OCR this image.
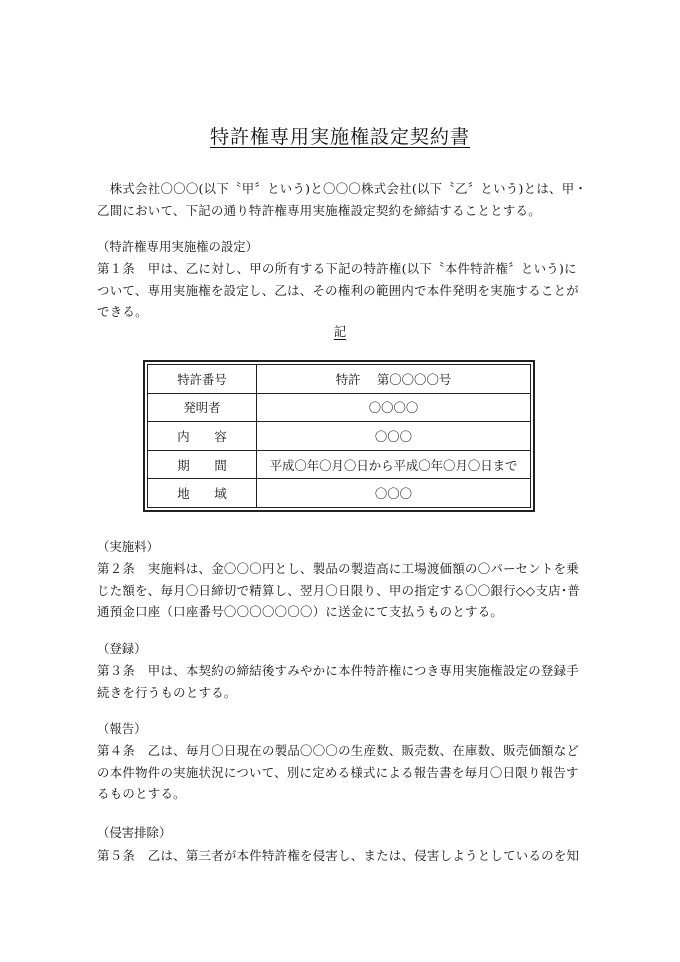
特許権専用実施権設定契約書
　株式会社〇〇〇(以下〝甲〞という)と〇〇〇株式会社(以下〝乙〞という)とは、甲・
乙間において、下記の通り特許権専用実施権設定契約を締結することとする。
（特許権専用実施権の設定）
第１条　甲は、乙に対し、甲の所有する下記の特許権(以下〝本件特許権〞という)に
ついて、専用実施権を設定し、乙は、その権利の範囲内で本件発明を実施することが
できる。
記
特許番号	特許　 第〇〇〇〇号
発明者	〇〇〇〇
内　　容	〇〇〇
期　　間	平成〇年〇月〇日から平成〇年〇月〇日まで
地　　域	〇〇〇
（実施料）
第２条　実施料は、金〇〇〇円とし、製品の製造高に工場渡価額の〇パーセントを乗
じた額を、毎月〇日締切で精算し、翌月〇日限り、甲の指定する〇〇銀行◇◇支店･普
通預金口座（口座番号〇〇〇〇〇〇〇）に送金にて支払うものとする。
（登録）
第３条　甲は、本契約の締結後すみやかに本件特許権につき専用実施権設定の登録手
続きを行うものとする。
（報告）
第４条　乙は、毎月〇日現在の製品〇〇〇の生産数、販売数、在庫数、販売価額など
の本件物件の実施状況について、別に定める様式による報告書を毎月〇日限り報告す
るものとする。
（侵害排除）
第５条　乙は、第三者が本件特許権を侵害し、または、侵害しようとしているのを知
